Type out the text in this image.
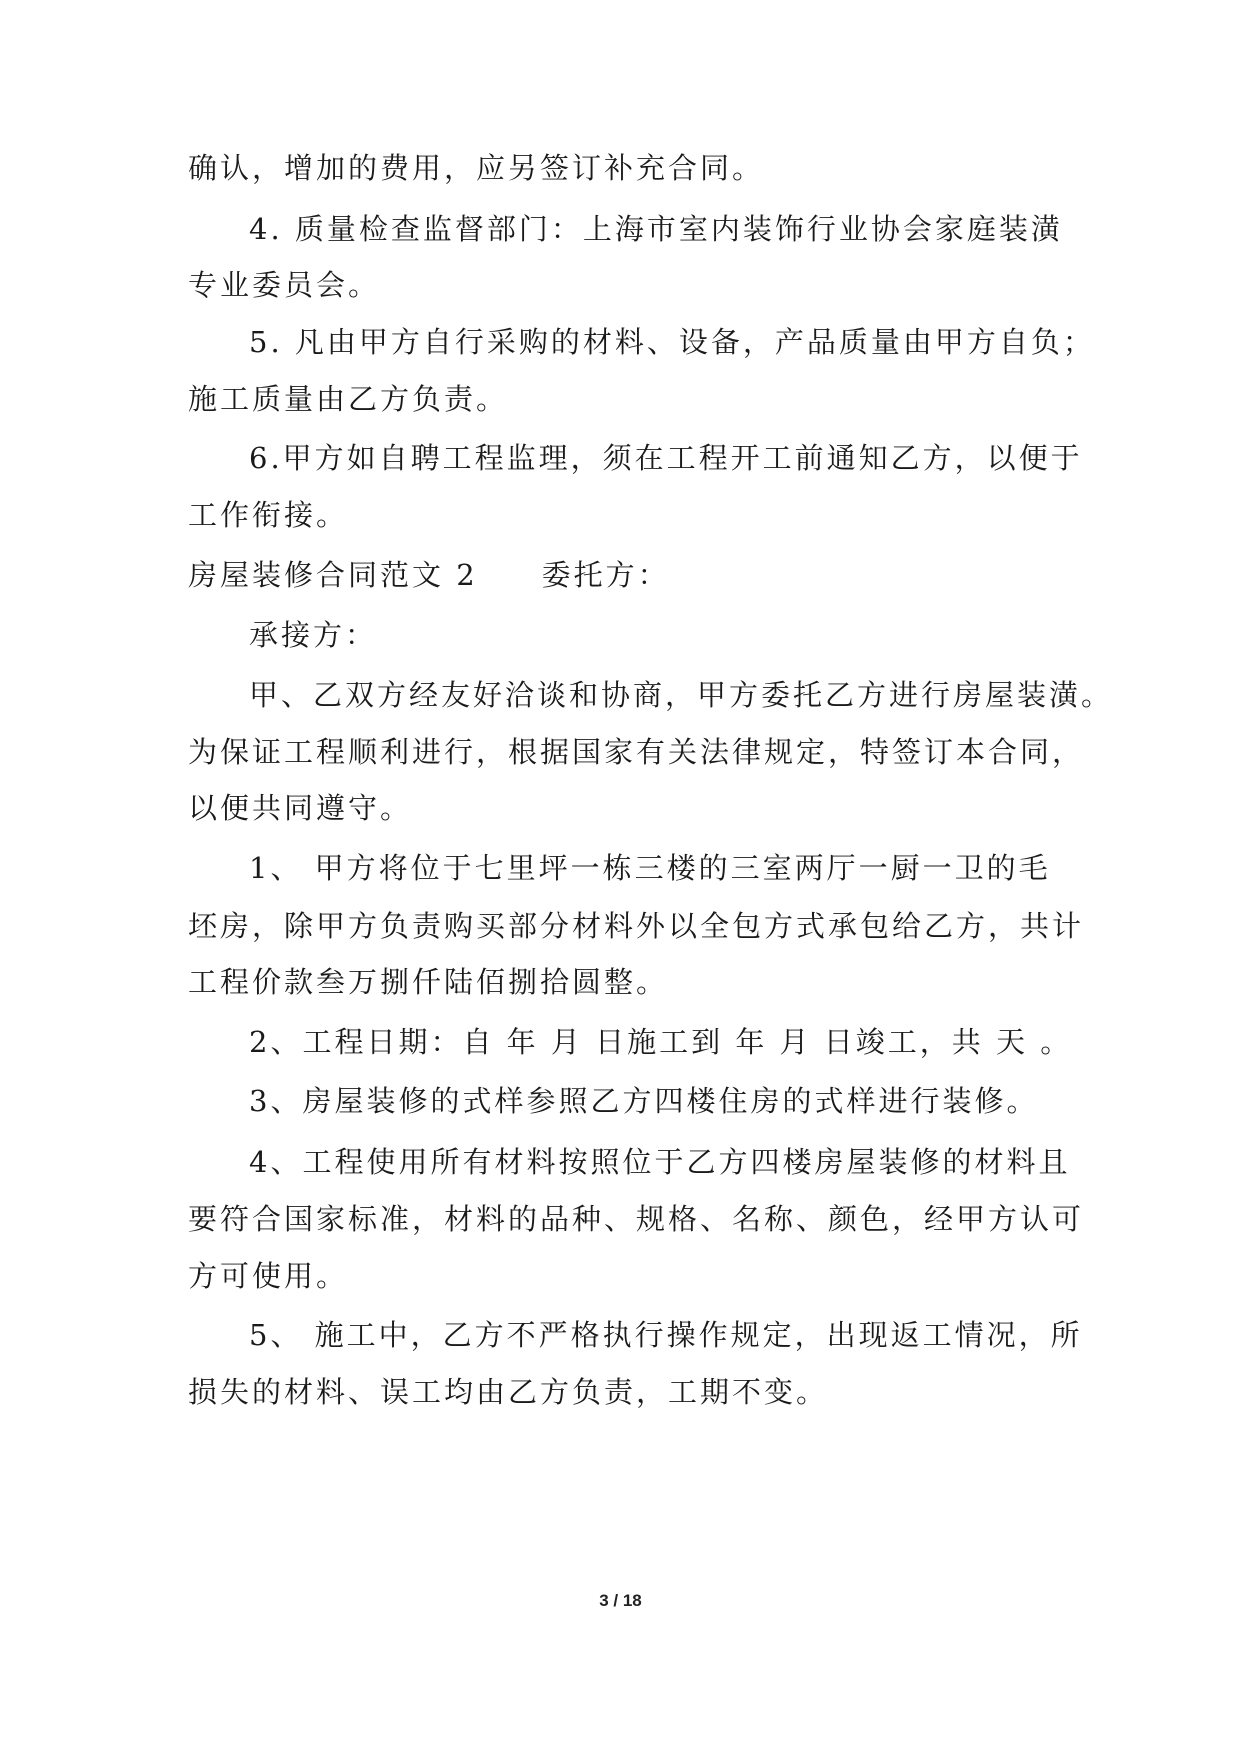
确认，增加的费用，应另签订补充合同。
4. 质量检查监督部门：上海市室内装饰行业协会家庭装潢
专业委员会。
5. 凡由甲方自行采购的材料、设备，产品质量由甲方自负；
施工质量由乙方负责。
6.甲方如自聘工程监理，须在工程开工前通知乙方，以便于
工作衔接。
房屋装修合同范文 2　　委托方：
承接方：
甲、乙双方经友好洽谈和协商，甲方委托乙方进行房屋装潢。
为保证工程顺利进行，根据国家有关法律规定，特签订本合同，
以便共同遵守。
1、 甲方将位于七里坪一栋三楼的三室两厅一厨一卫的毛
坯房，除甲方负责购买部分材料外以全包方式承包给乙方，共计
工程价款叁万捌仟陆佰捌拾圆整。
2、工程日期：自 年 月 日施工到 年 月 日竣工，共 天 。
3、房屋装修的式样参照乙方四楼住房的式样进行装修。
4、工程使用所有材料按照位于乙方四楼房屋装修的材料且
要符合国家标准，材料的品种、规格、名称、颜色，经甲方认可
方可使用。
5、 施工中，乙方不严格执行操作规定，出现返工情况，所
损失的材料、误工均由乙方负责，工期不变。
3 / 18
